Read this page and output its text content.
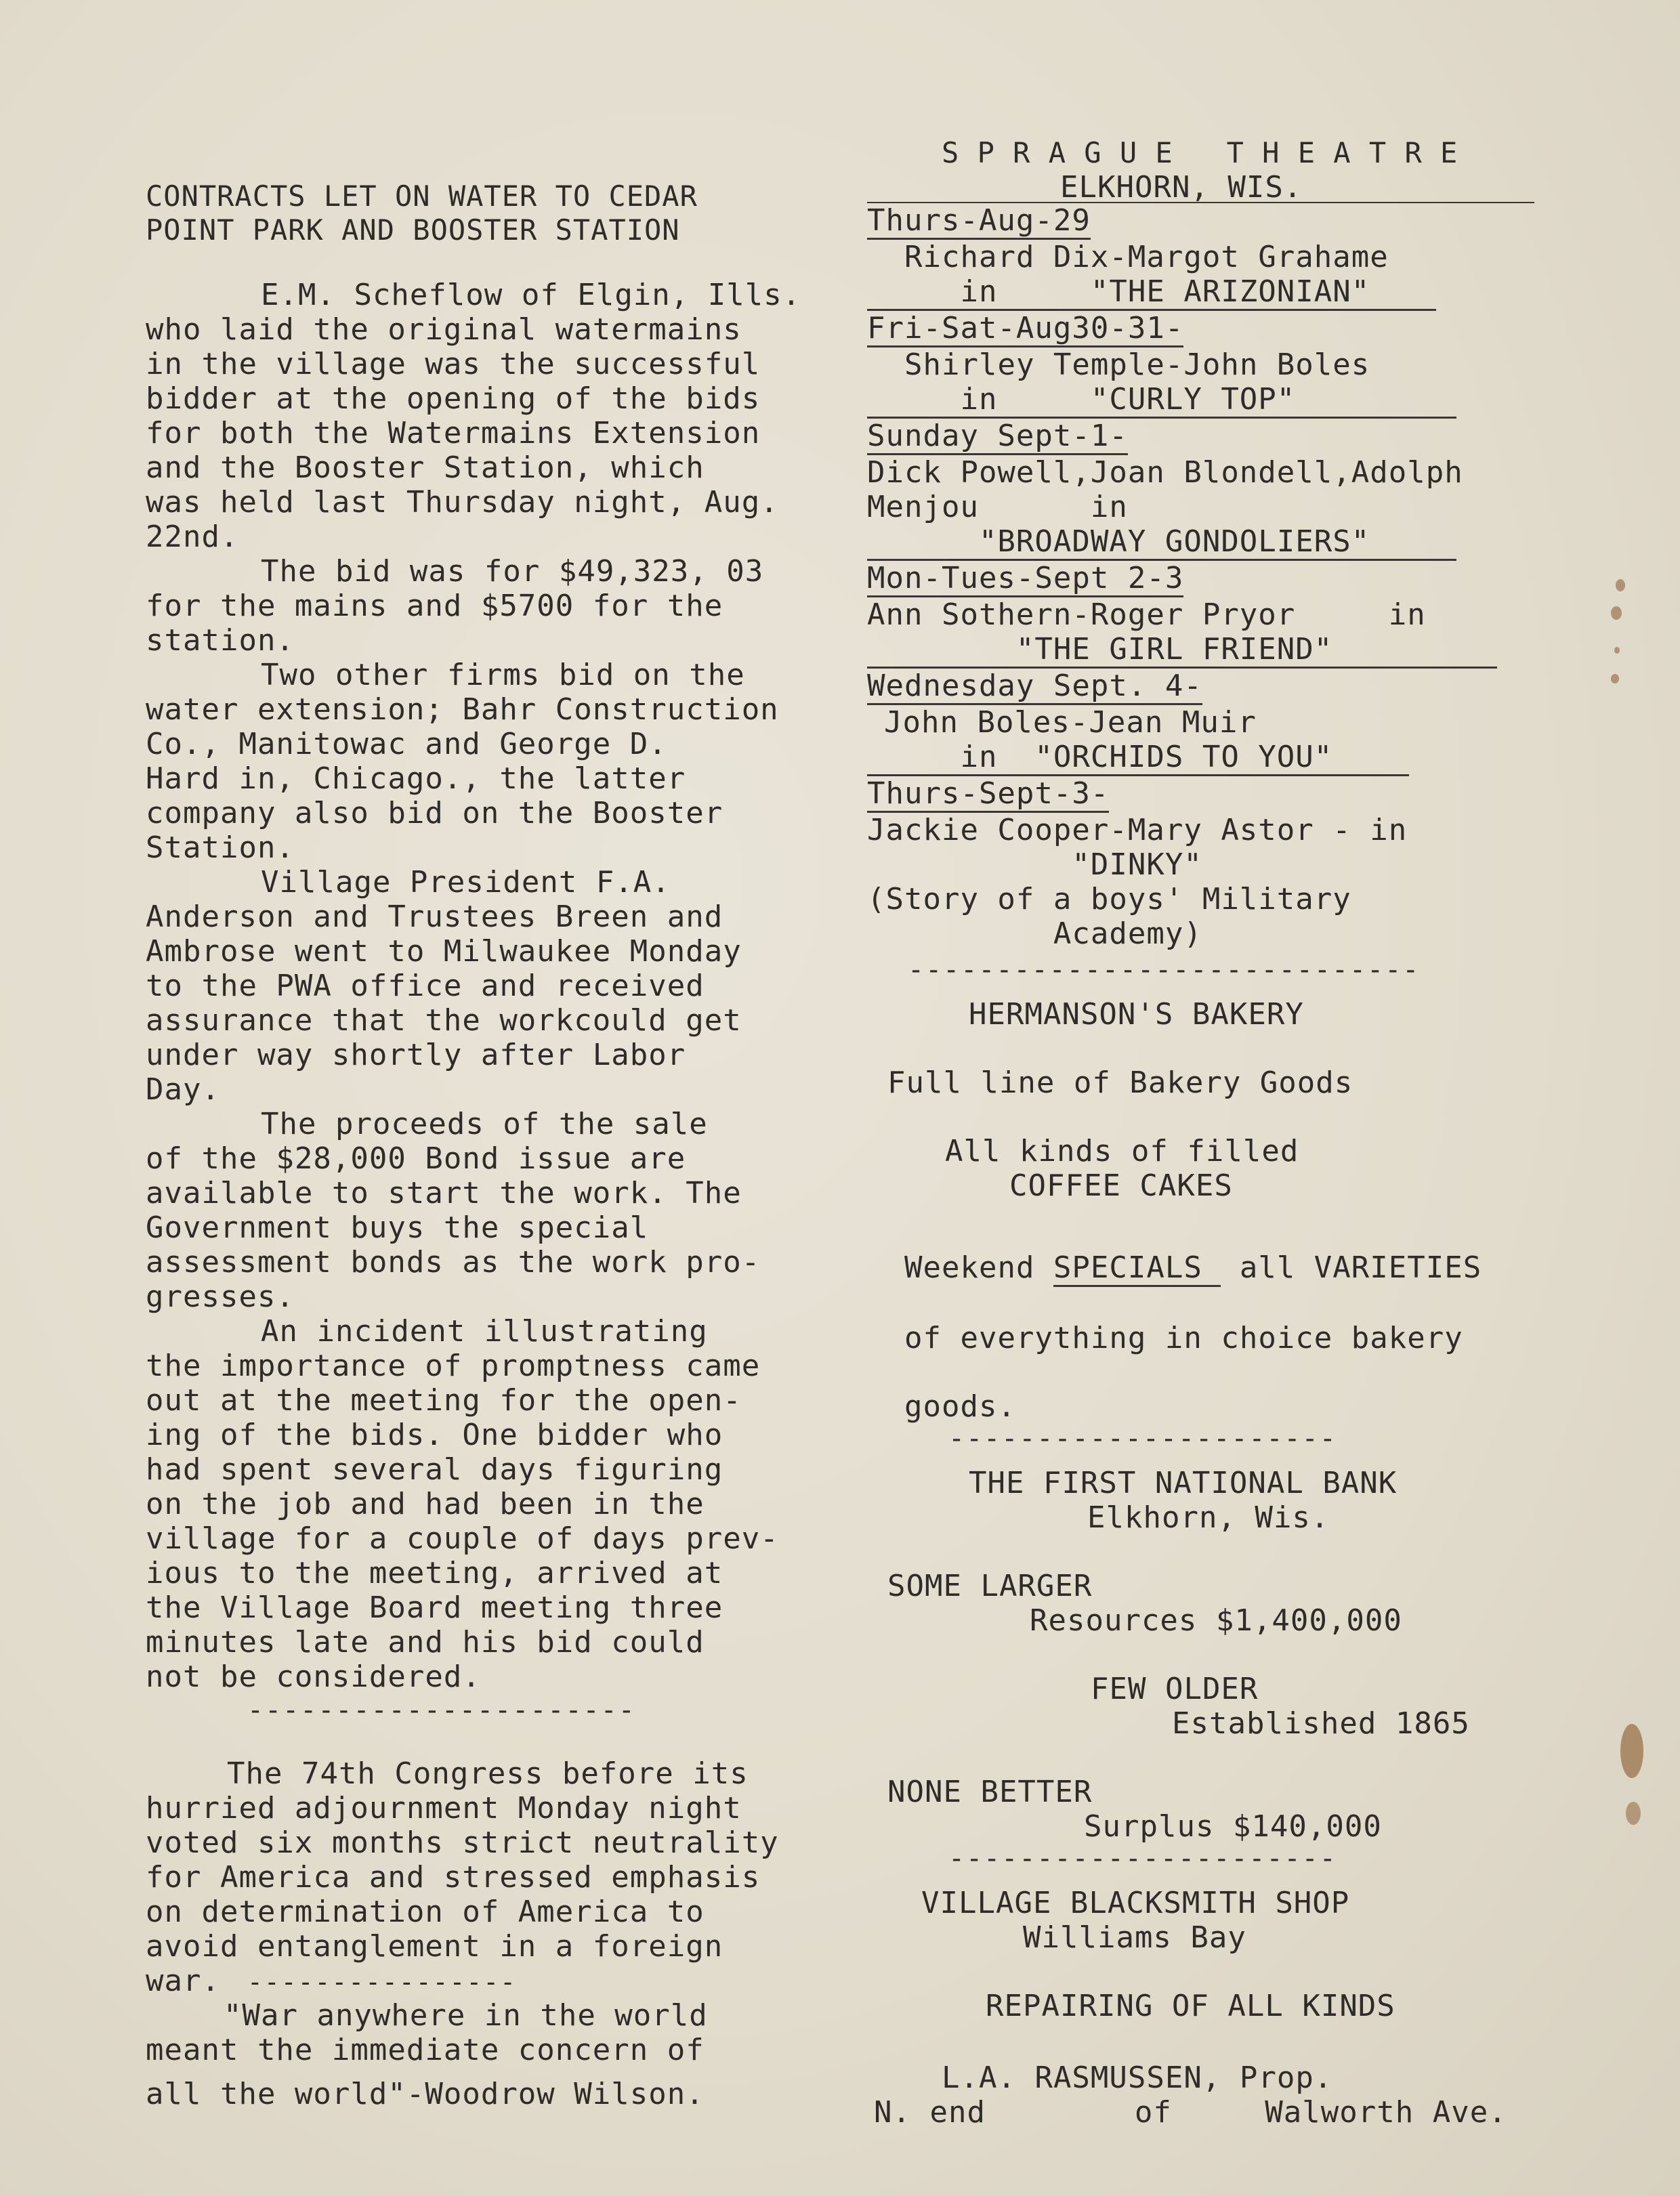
CONTRACTS LET ON WATER TO CEDAR
POINT PARK AND BOOSTER STATION
E.M. Scheflow of Elgin, Ills.
who laid the original watermains
in the village was the successful
bidder at the opening of the bids
for both the Watermains Extension
and the Booster Station, which
was held last Thursday night, Aug.
22nd.
The bid was for $49,323, 03
for the mains and $5700 for the
station.
Two other firms bid on the
water extension; Bahr Construction
Co., Manitowac and George D.
Hard in, Chicago., the latter
company also bid on the Booster
Station.
Village President F.A.
Anderson and Trustees Breen and
Ambrose went to Milwaukee Monday
to the PWA office and received
assurance that the workcould get
under way shortly after Labor
Day.
The proceeds of the sale
of the $28,000 Bond issue are
available to start the work. The
Government buys the special
assessment bonds as the work pro-
gresses.
An incident illustrating
the importance of promptness came
out at the meeting for the open-
ing of the bids. One bidder who
had spent several days figuring
on the job and had been in the
village for a couple of days prev-
ious to the meeting, arrived at
the Village Board meeting three
minutes late and his bid could
not be considered.
----------------------
The 74th Congress before its
hurried adjournment Monday night
voted six months strict neutrality
for America and stressed emphasis
on determination of America to
avoid entanglement in a foreign
war. ----------------
"War anywhere in the world
meant the immediate concern of
all the world"-Woodrow Wilson.
S P R A G U E   T H E A T R E
ELKHORN, WIS.
Thurs-Aug-29
Richard Dix-Margot Grahame
in     "THE ARIZONIAN"
Fri-Sat-Aug30-31-
Shirley Temple-John Boles
in     "CURLY TOP"
Sunday Sept-1-
Dick Powell,Joan Blondell,Adolph
Menjou      in
"BROADWAY GONDOLIERS"
Mon-Tues-Sept 2-3
Ann Sothern-Roger Pryor     in
"THE GIRL FRIEND"
Wednesday Sept. 4-
John Boles-Jean Muir
in  "ORCHIDS TO YOU"
Thurs-Sept-3-
Jackie Cooper-Mary Astor - in
"DINKY"
(Story of a boys' Military
Academy)
-----------------------------
HERMANSON'S BAKERY
Full line of Bakery Goods
All kinds of filled
COFFEE CAKES
Weekend SPECIALS  all VARIETIES
of everything in choice bakery
goods.
----------------------
THE FIRST NATIONAL BANK
Elkhorn, Wis.
SOME LARGER
Resources $1,400,000
FEW OLDER
Established 1865
NONE BETTER
Surplus $140,000
----------------------
VILLAGE BLACKSMITH SHOP
Williams Bay
REPAIRING OF ALL KINDS
L.A. RASMUSSEN, Prop.
N. end        of     Walworth Ave.
